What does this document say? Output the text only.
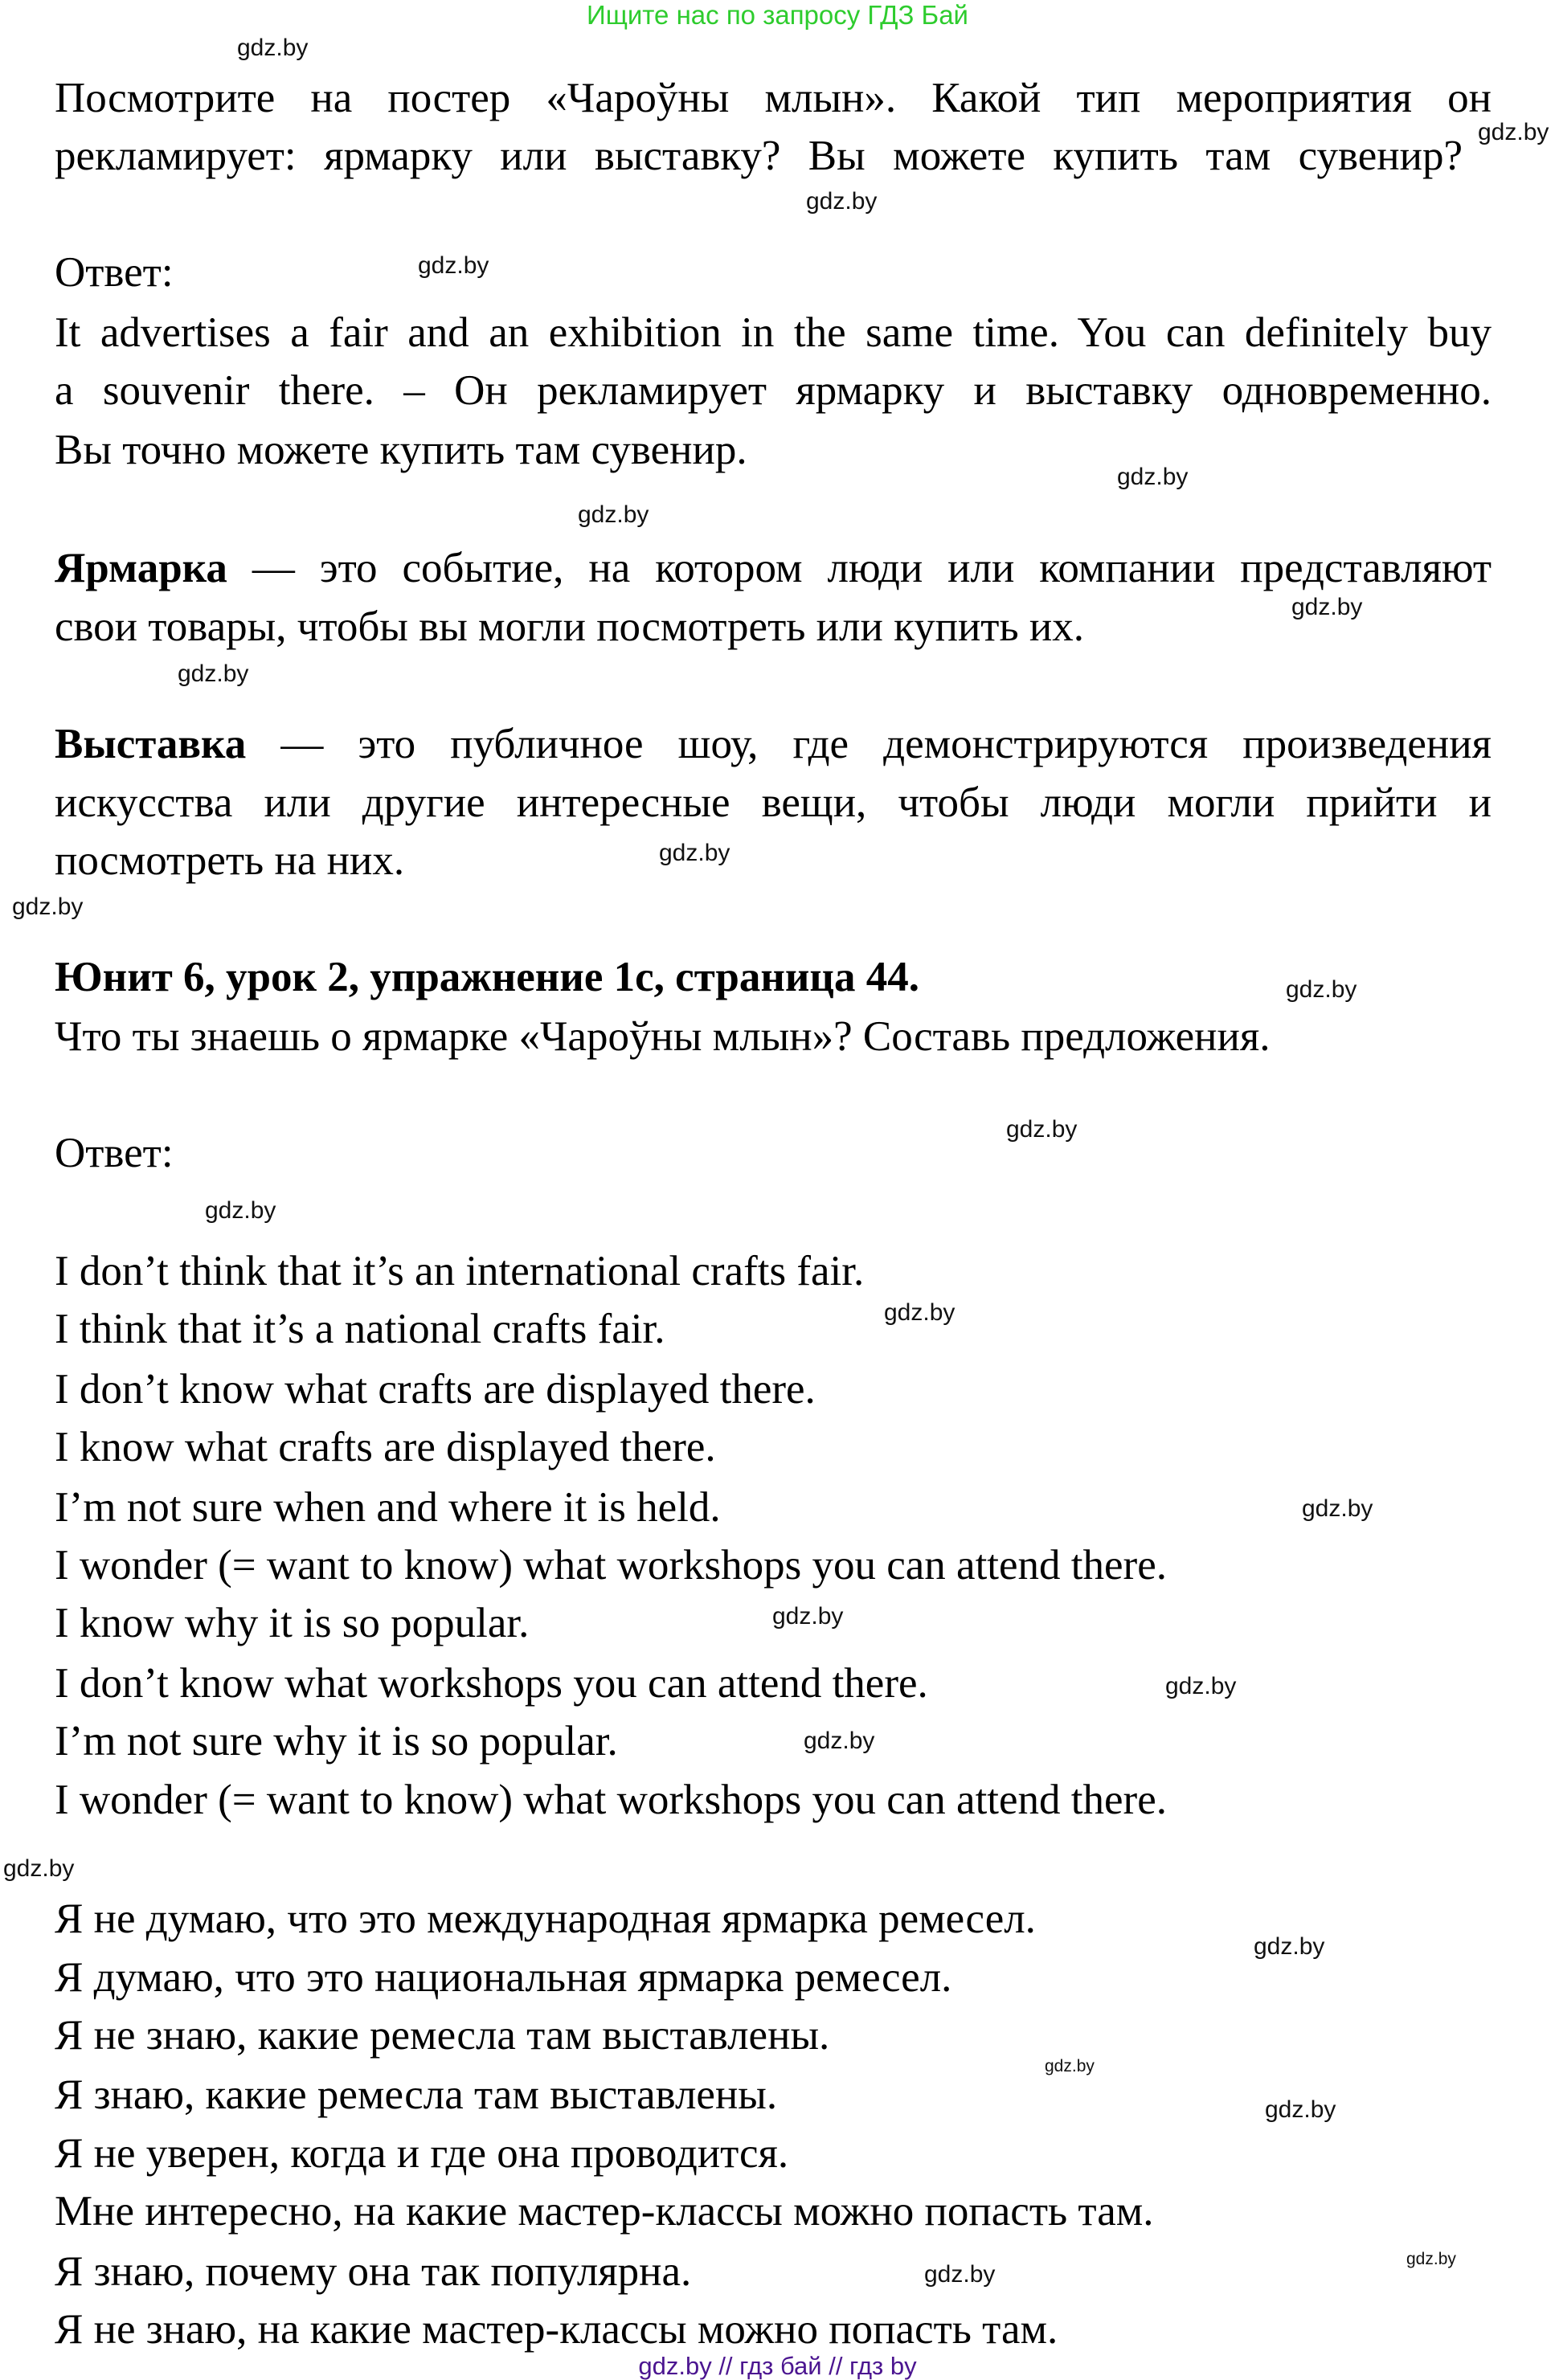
Ищите нас по запросу ГДЗ Бай
Посмотрите на постер «Чароўны млын». Какой тип мероприятия он
рекламирует: ярмарку или выставку? Вы можете купить там сувенир?
Ответ:
It advertises a fair and an exhibition in the same time. You can definitely buy
a souvenir there. – Он рекламирует ярмарку и выставку одновременно.
Вы точно можете купить там сувенир.
Ярмарка — это событие, на котором люди или компании представляют
свои товары, чтобы вы могли посмотреть или купить их.
Выставка — это публичное шоу, где демонстрируются произведения
искусства или другие интересные вещи, чтобы люди могли прийти и
посмотреть на них.
Юнит 6, урок 2, упражнение 1c, страница 44.
Что ты знаешь о ярмарке «Чароўны млын»? Составь предложения.
Ответ:
I don’t think that it’s an international crafts fair.
I think that it’s a national crafts fair.
I don’t know what crafts are displayed there.
I know what crafts are displayed there.
I’m not sure when and where it is held.
I wonder (= want to know) what workshops you can attend there.
I know why it is so popular.
I don’t know what workshops you can attend there.
I’m not sure why it is so popular.
I wonder (= want to know) what workshops you can attend there.
Я не думаю, что это международная ярмарка ремесел.
Я думаю, что это национальная ярмарка ремесел.
Я не знаю, какие ремесла там выставлены.
Я знаю, какие ремесла там выставлены.
Я не уверен, когда и где она проводится.
Мне интересно, на какие мастер-классы можно попасть там.
Я знаю, почему она так популярна.
Я не знаю, на какие мастер-классы можно попасть там.
gdz.by
gdz.by
gdz.by
gdz.by
gdz.by
gdz.by
gdz.by
gdz.by
gdz.by
gdz.by
gdz.by
gdz.by
gdz.by
gdz.by
gdz.by
gdz.by
gdz.by
gdz.by
gdz.by
gdz.by
gdz.by
gdz.by
gdz.by
gdz.by
gdz.by // гдз бай // гдз by
